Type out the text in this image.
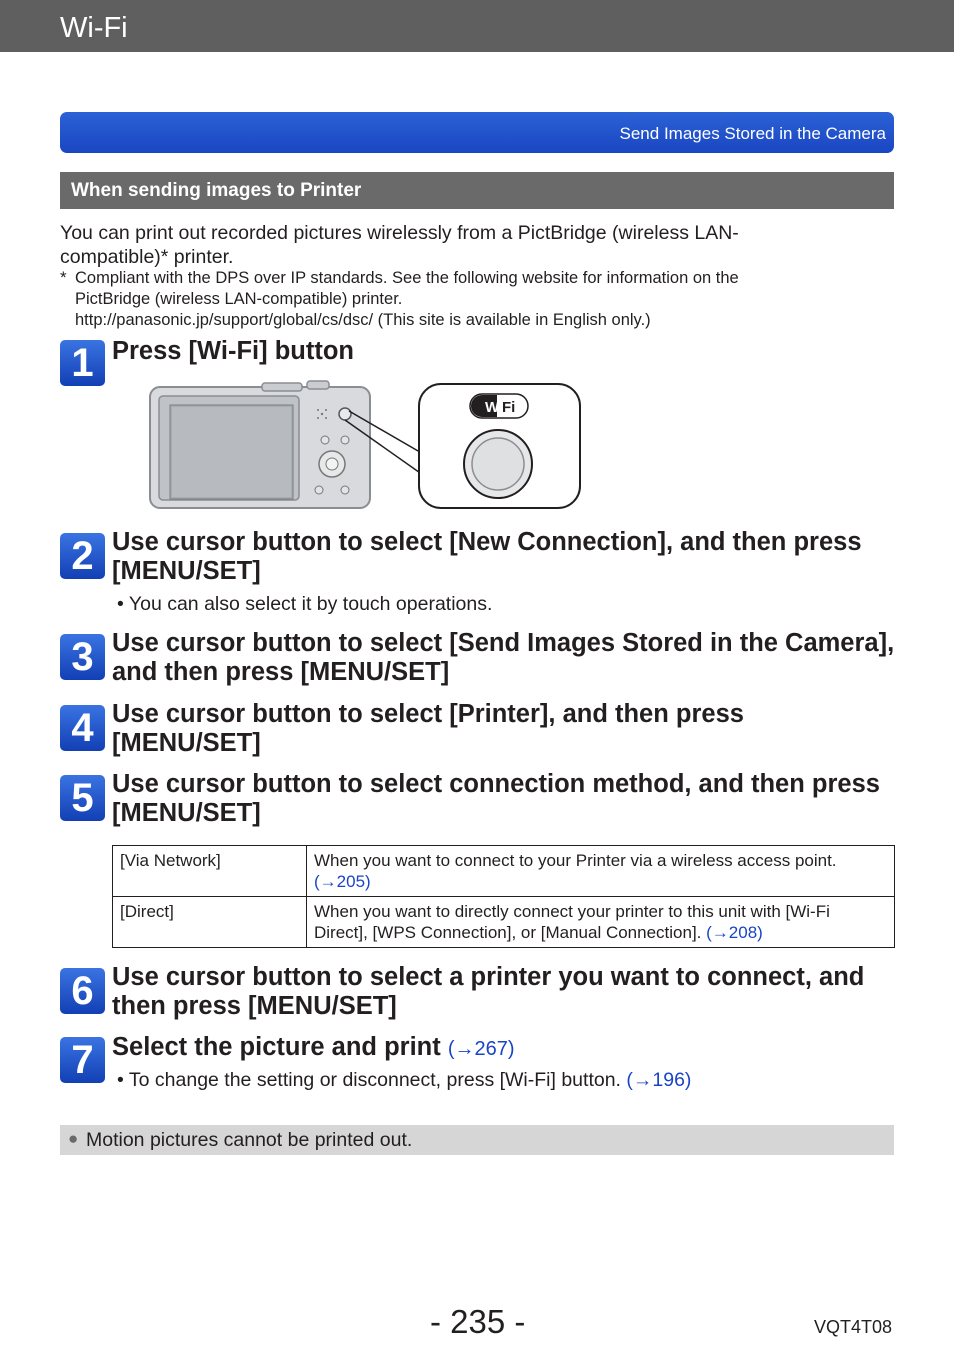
Wi-Fi
Send Images Stored in the Camera
When sending images to Printer
You can print out recorded pictures wirelessly from a PictBridge (wireless LAN-compatible)* printer.
* Compliant with the DPS over IP standards. See the following website for information on the
PictBridge (wireless LAN-compatible) printer.
http://panasonic.jp/support/global/cs/dsc/ (This site is available in English only.)
1 Press [Wi-Fi] button
Wi
Fi
2 Use cursor button to select [New Connection], and then press [MENU/SET]
• You can also select it by touch operations.
3 Use cursor button to select [Send Images Stored in the Camera], and then press [MENU/SET]
4 Use cursor button to select [Printer], and then press [MENU/SET]
5 Use cursor button to select connection method, and then press [MENU/SET]
[Via Network]	When you want to connect to your Printer via a wireless access point.
(→205)
[Direct]	When you want to directly connect your printer to this unit with [Wi-Fi Direct], [WPS Connection], or [Manual Connection]. (→208)
6 Use cursor button to select a printer you want to connect, and then press [MENU/SET]
7 Select the picture and print (→267)
• To change the setting or disconnect, press [Wi-Fi] button. (→196)
● Motion pictures cannot be printed out.
- 235 -	VQT4T08
